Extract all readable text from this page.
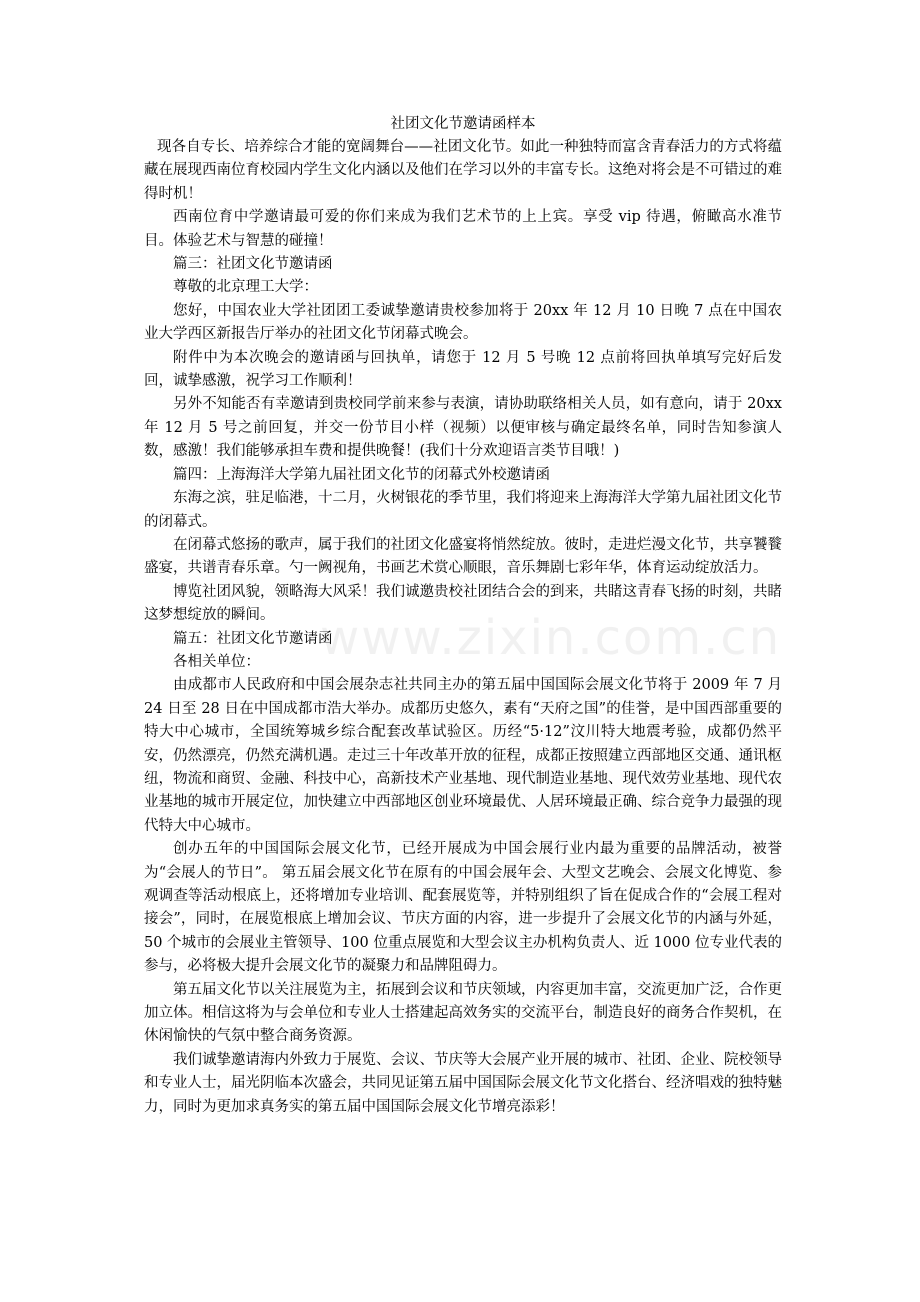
社团文化节邀请函样本

现各自专长、培养综合才能的宽阔舞台——社团文化节。如此一种独特而富含青春活力的方式将蕴藏在展现西南位育校园内学生文化内涵以及他们在学习以外的丰富专长。这绝对将会是不可错过的难得时机！

西南位育中学邀请最可爱的你们来成为我们艺术节的上上宾。享受 vip 待遇，俯瞰高水准节目。体验艺术与智慧的碰撞！

篇三：社团文化节邀请函

尊敬的北京理工大学：

您好，中国农业大学社团团工委诚挚邀请贵校参加将于 20xx 年 12 月 10 日晚 7 点在中国农业大学西区新报告厅举办的社团文化节闭幕式晚会。

附件中为本次晚会的邀请函与回执单，请您于 12 月 5 号晚 12 点前将回执单填写完好后发回，诚挚感激，祝学习工作顺利！

另外不知能否有幸邀请到贵校同学前来参与表演，请协助联络相关人员，如有意向，请于 20xx 年 12 月 5 号之前回复，并交一份节目小样（视频）以便审核与确定最终名单，同时告知参演人数，感激！我们能够承担车费和提供晚餐！(我们十分欢迎语言类节目哦！)

篇四：上海海洋大学第九届社团文化节的闭幕式外校邀请函

东海之滨，驻足临港，十二月，火树银花的季节里，我们将迎来上海海洋大学第九届社团文化节的闭幕式。

在闭幕式悠扬的歌声，属于我们的社团文化盛宴将悄然绽放。彼时，走进烂漫文化节，共享饕餮盛宴，共谱青春乐章。勺一阙视角，书画艺术赏心顺眼，音乐舞剧七彩年华，体育运动绽放活力。

博览社团风貌，领略海大风采！我们诚邀贵校社团结合会的到来，共睹这青春飞扬的时刻，共睹这梦想绽放的瞬间。

篇五：社团文化节邀请函

各相关单位：

由成都市人民政府和中国会展杂志社共同主办的第五届中国国际会展文化节将于 2009 年 7 月 24 日至 28 日在中国成都市浩大举办。成都历史悠久，素有“天府之国”的佳誉，是中国西部重要的特大中心城市，全国统筹城乡综合配套改革试验区。历经“5·12”汶川特大地震考验，成都仍然平安，仍然漂亮，仍然充满机遇。走过三十年改革开放的征程，成都正按照建立西部地区交通、通讯枢纽，物流和商贸、金融、科技中心，高新技术产业基地、现代制造业基地、现代效劳业基地、现代农业基地的城市开展定位，加快建立中西部地区创业环境最优、人居环境最正确、综合竞争力最强的现代特大中心城市。

创办五年的中国国际会展文化节，已经开展成为中国会展行业内最为重要的品牌活动，被誉为“会展人的节日”。 第五届会展文化节在原有的中国会展年会、大型文艺晚会、会展文化博览、参观调查等活动根底上，还将增加专业培训、配套展览等，并特别组织了旨在促成合作的“会展工程对接会”，同时，在展览根底上增加会议、节庆方面的内容，进一步提升了会展文化节的内涵与外延，50 个城市的会展业主管领导、100 位重点展览和大型会议主办机构负责人、近 1000 位专业代表的参与，必将极大提升会展文化节的凝聚力和品牌阻碍力。

第五届文化节以关注展览为主，拓展到会议和节庆领域，内容更加丰富，交流更加广泛，合作更加立体。相信这将为与会单位和专业人士搭建起高效务实的交流平台，制造良好的商务合作契机，在休闲愉快的气氛中整合商务资源。

我们诚挚邀请海内外致力于展览、会议、节庆等大会展产业开展的城市、社团、企业、院校领导和专业人士，届光阴临本次盛会，共同见证第五届中国国际会展文化节文化搭台、经济唱戏的独特魅力，同时为更加求真务实的第五届中国国际会展文化节增亮添彩！

www.zixin.com.cn
